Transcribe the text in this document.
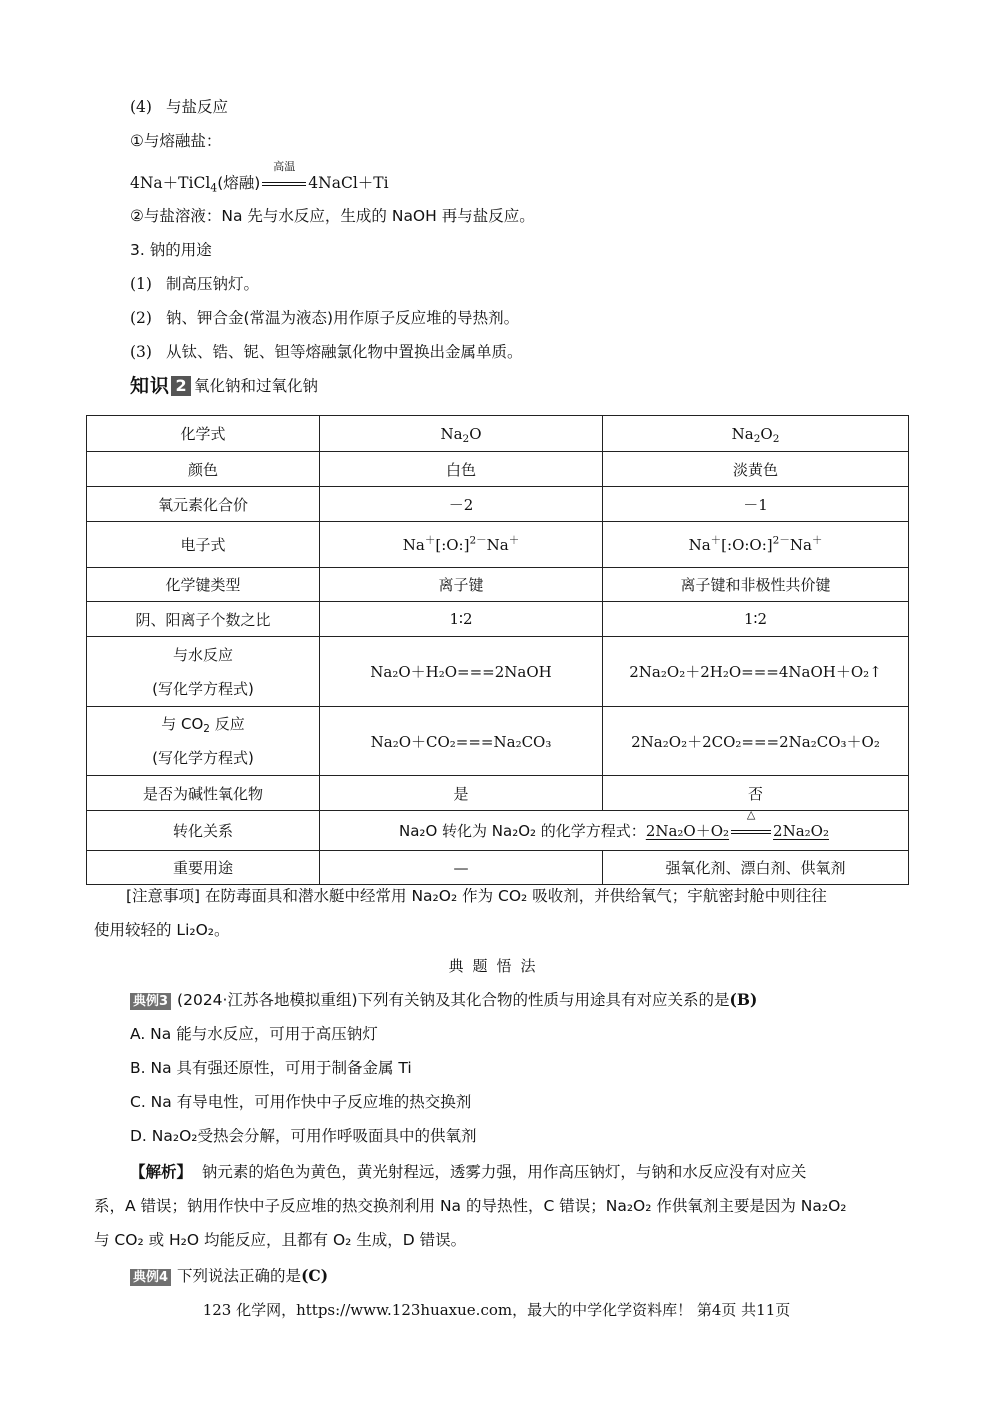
(4) 与盐反应
①与熔融盐：
4Na＋TiCl$_4$(熔融)
高温
4NaCl＋Ti
②与盐溶液：Na 先与水反应，生成的 NaOH 再与盐反应。
3. 钠的用途
(1) 制高压钠灯。
(2) 钠、钾合金(常温为液态)用作原子反应堆的导热剂。
(3) 从钛、锆、铌、钽等熔融氯化物中置换出金属单质。
知识 2 氧化钠和过氧化钠
化学式	$Na_2O$	$Na_2O_2$
颜色	白色	淡黄色
氧元素化合价	－2	－1
电子式	Na＋[:O:]$^{2-}$Na＋	Na＋[:O:O:]$^{2-}$Na＋
化学键类型	离子键	离子键和非极性共价键
阴、阳离子个数之比	1∶2	1∶2
与水反应
(写化学方程式)	Na₂O＋H₂O===2NaOH	2Na₂O₂＋2H₂O===4NaOH＋O₂↑
与 $CO_2$ 反应
(写化学方程式)	Na₂O＋CO₂===Na₂CO₃	2Na₂O₂＋2CO₂===2Na₂CO₃＋O₂
是否为碱性氧化物	是	否
转化关系	Na₂O 转化为 Na₂O₂ 的化学方程式：2Na₂O＋O₂
△
2Na₂O₂	
重要用途	—	强氧化剂、漂白剂、供氧剂
[注意事项] 在防毒面具和潜水艇中经常用 Na₂O₂ 作为 CO₂ 吸收剂，并供给氧气；宇航密封舱中则往往
使用较轻的 Li₂O₂。
典题悟法
典例3 (2024·江苏各地模拟重组)下列有关钠及其化合物的性质与用途具有对应关系的是(B)
A. Na 能与水反应，可用于高压钠灯
B. Na 具有强还原性，可用于制备金属 Ti
C. Na 有导电性，可用作快中子反应堆的热交换剂
D. Na₂O₂受热会分解，可用作呼吸面具中的供氧剂
【解析】 钠元素的焰色为黄色，黄光射程远，透雾力强，用作高压钠灯，与钠和水反应没有对应关
系，A 错误；钠用作快中子反应堆的热交换剂利用 Na 的导热性，C 错误；Na₂O₂ 作供氧剂主要是因为 Na₂O₂
与 CO₂ 或 H₂O 均能反应，且都有 O₂ 生成，D 错误。
典例4 下列说法正确的是(C)
123 化学网，https://www.123huaxue.com，最大的中学化学资料库！ 第4页 共11页
